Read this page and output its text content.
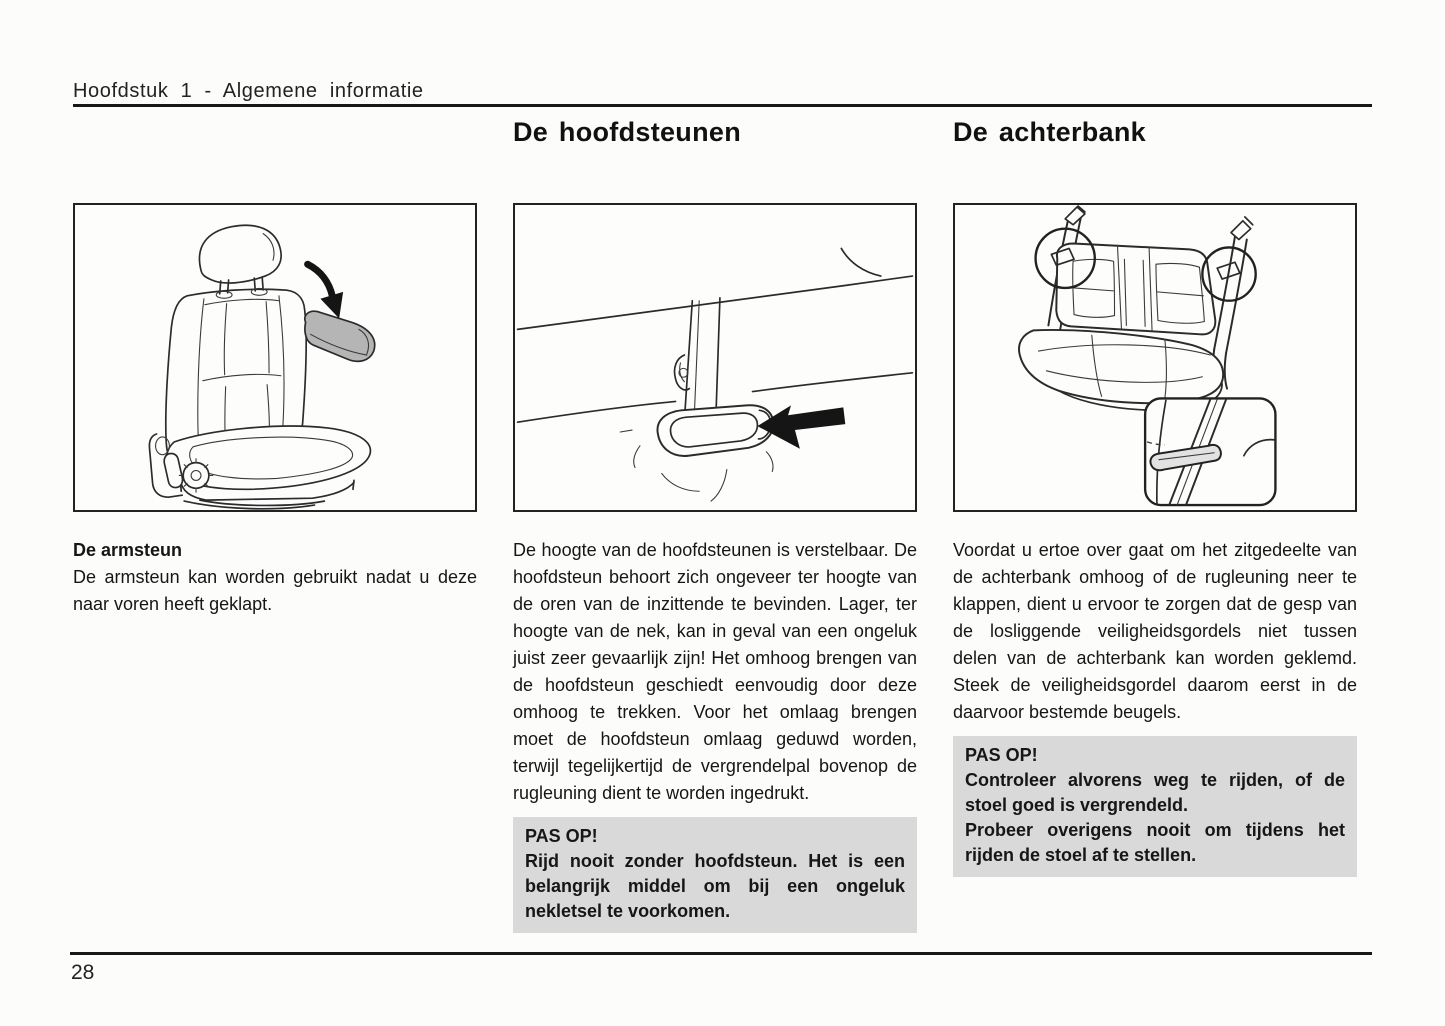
Hoofdstuk 1 - Algemene informatie
De hoofdsteunen	De achterbank

De armsteun

De armsteun kan worden gebruikt nadat u deze naar voren heeft geklapt.

De hoogte van de hoofdsteunen is verstelbaar. De hoofdsteun behoort zich ongeveer ter hoogte van de oren van de inzittende te bevinden. Lager, ter hoogte van de nek, kan in geval van een ongeluk juist zeer gevaarlijk zijn! Het omhoog brengen van de hoofdsteun geschiedt eenvoudig door deze omhoog te trekken. Voor het omlaag brengen moet de hoofdsteun omlaag geduwd worden, terwijl tegelijkertijd de vergrendelpal bovenop de rugleuning dient te worden ingedrukt.

PAS OP!

Rijd nooit zonder hoofdsteun. Het is een belangrijk middel om bij een ongeluk nekletsel te voorkomen.

Voordat u ertoe over gaat om het zitgedeelte van de achterbank omhoog of de rugleuning neer te klappen, dient u ervoor te zorgen dat de gesp van de losliggende veiligheidsgordels niet tussen delen van de achterbank kan worden geklemd. Steek de veiligheidsgordel daarom eerst in de daarvoor bestemde beugels.

PAS OP!

Controleer alvorens weg te rijden, of de stoel goed is vergrendeld.

Probeer overigens nooit om tijdens het rijden de stoel af te stellen.

28
